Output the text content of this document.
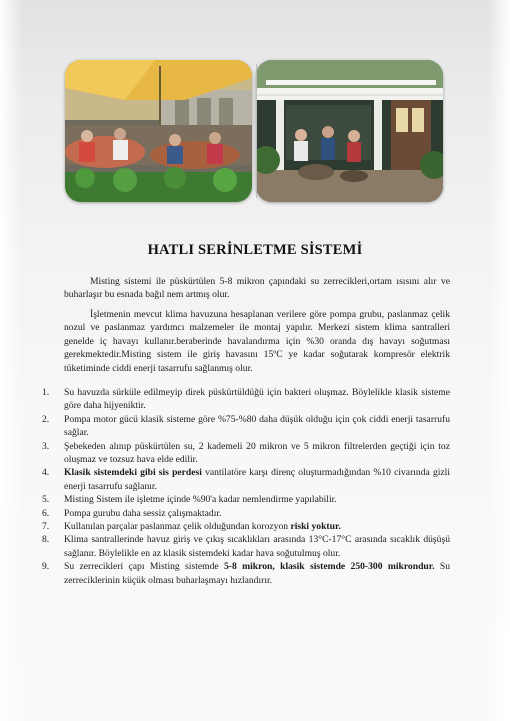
HATLI SERİNLETME SİSTEMİ

Misting sistemi ile püskürtülen 5-8 mikron çapındaki su zerrecikleri,ortam ısısını alır ve buharlaşır bu esnada bağıl nem artmış olur.

İşletmenin mevcut klima havuzuna hesaplanan verilere göre pompa grubu, paslanmaz çelik nozul ve paslanmaz yardımcı malzemeler ile montaj yapılır. Merkezi sistem klima santralleri genelde iç havayı kullanır.beraberinde havalandırma için %30 oranda dış havayı soğutması gerekmektedir.Misting sistem ile giriş havasını 15ºC ye kadar soğutarak kompresör elektrik tüketiminde ciddi enerji tasarrufu sağlanmış olur.

1. Su havuzda sürküle edilmeyip direk püskürtüldüğü için bakteri oluşmaz. Böylelikle klasik sisteme göre daha hijyeniktir.
2. Pompa motor gücü klasik sisteme göre %75-%80 daha düşük olduğu için çok ciddi enerji tasarrufu sağlar.
3. Şebekeden alınıp püskürtülen su, 2 kademeli 20 mikron ve 5 mikron filtrelerden geçtiği için toz oluşmaz ve tozsuz hava elde edilir.
4. Klasik sistemdeki gibi sis perdesi vantilatöre karşı direnç oluşturmadığından %10 civarında gizli enerji tasarrufu sağlanır.
5. Misting Sistem ile işletme içinde %90'a kadar nemlendirme yapılabilir.
6. Pompa gurubu daha sessiz çalışmaktadır.
7. Kullanılan parçalar paslanmaz çelik olduğundan korozyon riski yoktur.
8. Klima santrallerinde havuz giriş ve çıkış sıcaklıkları arasında 13°C-17°C arasında sıcaklık düşüşü sağlanır. Böylelikle en az klasik sistemdeki kadar hava soğutulmuş olur.
9. Su zerrecikleri çapı Misting sistemde 5-8 mikron, klasik sistemde 250-300 mikrondur. Su zerreciklerinin küçük olması buharlaşmayı hızlandırır.
